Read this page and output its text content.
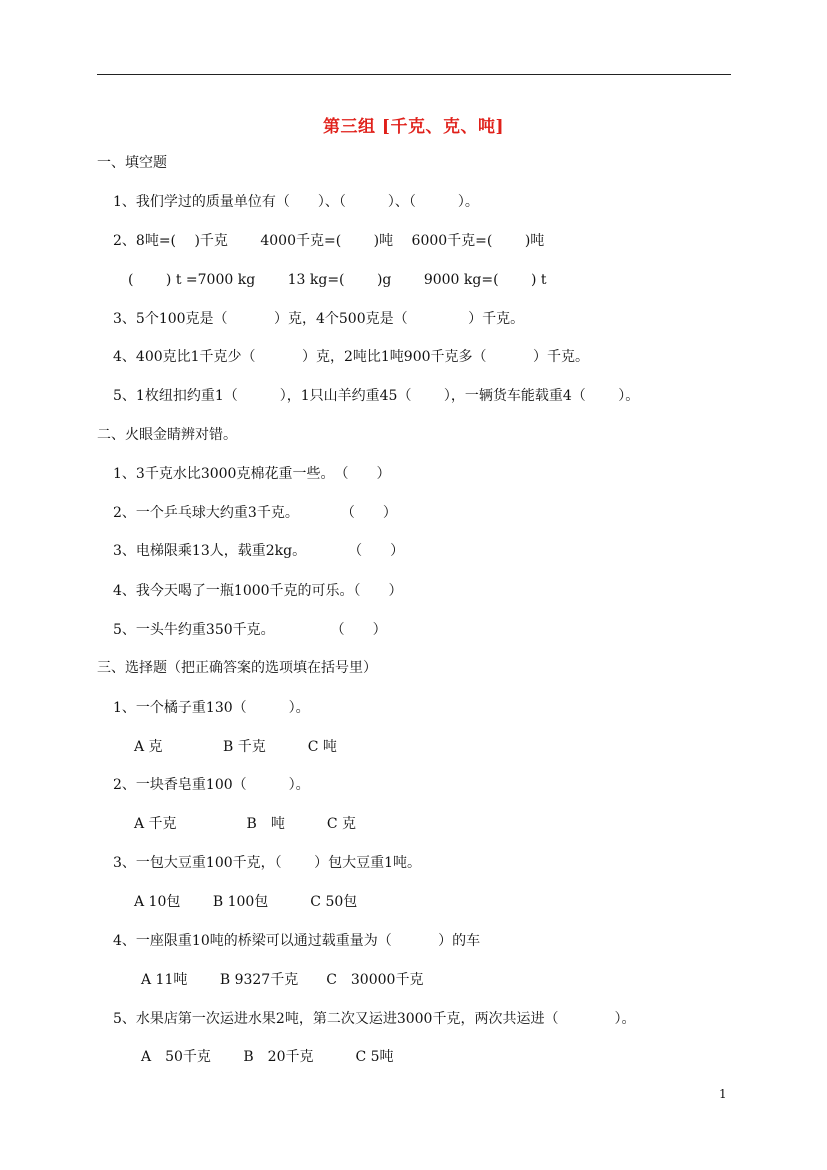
第三组 [千克、克、吨]
一、填空题
1、我们学过的质量单位有（　　）、（　　　）、（　　　）。
2、8吨=(　 )千克　　 4000千克=(　　 )吨　 6000千克=(　　 )吨
(　　 ) t =7000 kg　　 13 kg=(　　 )g　　 9000 kg=(　　 ) t
3、5个100克是（　　　 ）克，4个500克是（　　　　 ）千克。
4、400克比1千克少（　　　 ）克，2吨比1吨900千克多（　　　 ）千克。
5、1枚纽扣约重1（　　　），1只山羊约重45（　　 ），一辆货车能载重4（　　 ）。
二、火眼金睛辨对错。
1、3千克水比3000克棉花重一些。　（　　）
2、一个乒乓球大约重3千克。　　　　（　　）
3、电梯限乘13人，载重2kg。　　　　（　　）
4、我今天喝了一瓶1000千克的可乐。（　　）
5、一头牛约重350千克。　　　　　（　　）
三、选择题（把正确答案的选项填在括号里）
1、一个橘子重130（　　　）。
A 克　　　　 B 千克　　　C 吨
2、一块香皂重100（　　　）。
A 千克　　　　　B　吨　　　C 克
3、一包大豆重100千克，（　　 ）包大豆重1吨。
A 10包　　 B 100包　　　C 50包
4、一座限重10吨的桥梁可以通过载重量为（　　　 ）的车
A 11吨　　 B 9327千克　　C　30000千克
5、水果店第一次运进水果2吨，第二次又运进3000千克，两次共运进（　　　　）。
A　50千克　　 B　20千克　　　C 5吨
1
